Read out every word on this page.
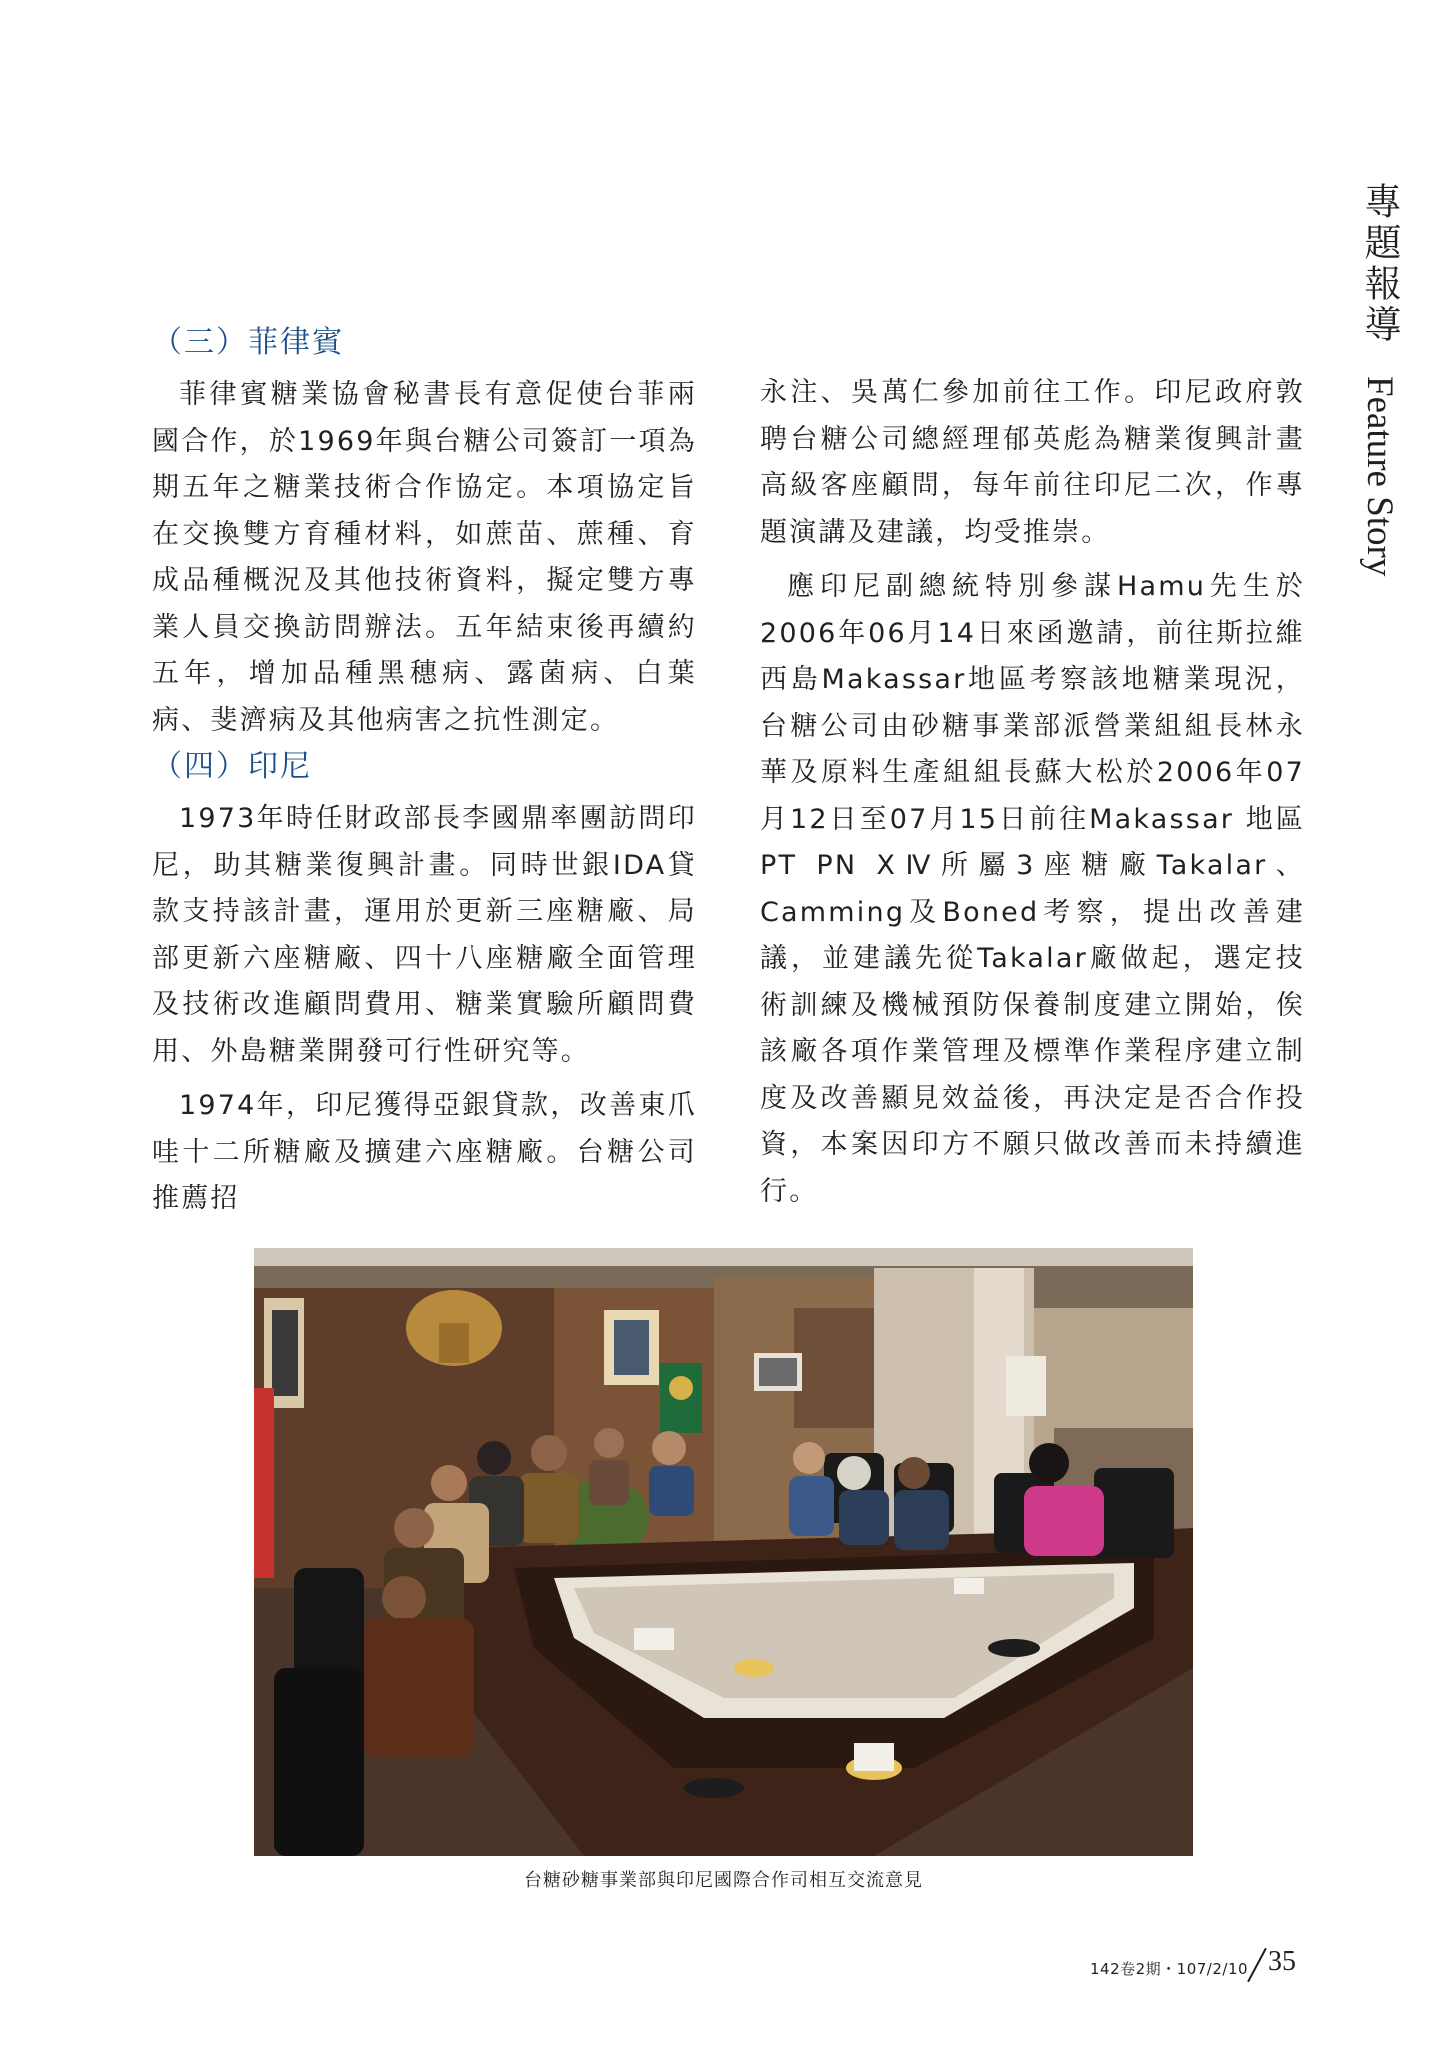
專題報導 Feature Story
（三）菲律賓

菲律賓糖業協會秘書長有意促使台菲兩國合作，於1969年與台糖公司簽訂一項為期五年之糖業技術合作協定。本項協定旨在交換雙方育種材料，如蔗苗、蔗種、育成品種概況及其他技術資料，擬定雙方專業人員交換訪問辦法。五年結束後再續約五年，增加品種黑穗病、露菌病、白葉病、斐濟病及其他病害之抗性測定。

（四）印尼

1973年時任財政部長李國鼎率團訪問印尼，助其糖業復興計畫。同時世銀IDA貸款支持該計畫，運用於更新三座糖廠、局部更新六座糖廠、四十八座糖廠全面管理及技術改進顧問費用、糖業實驗所顧問費用、外島糖業開發可行性研究等。

1974年，印尼獲得亞銀貸款，改善東爪哇十二所糖廠及擴建六座糖廠。台糖公司推薦招

永注、吳萬仁參加前往工作。印尼政府敦聘台糖公司總經理郁英彪為糖業復興計畫高級客座顧問，每年前往印尼二次，作專題演講及建議，均受推崇。

應印尼副總統特別參謀Hamu先生於2006年06月14日來函邀請，前往斯拉維西島Makassar地區考察該地糖業現況，台糖公司由砂糖事業部派營業組組長林永華及原料生產組組長蘇大松於2006年07月12日至07月15日前往Makassar 地區PT PN ⅩⅣ所屬3座糖廠Takalar、Camming及Boned考察，提出改善建議，並建議先從Takalar廠做起，選定技術訓練及機械預防保養制度建立開始，俟該廠各項作業管理及標準作業程序建立制度及改善顯見效益後，再決定是否合作投資，本案因印方不願只做改善而未持續進行。

台糖砂糖事業部與印尼國際合作司相互交流意見
142卷2期・107/2/10 35
